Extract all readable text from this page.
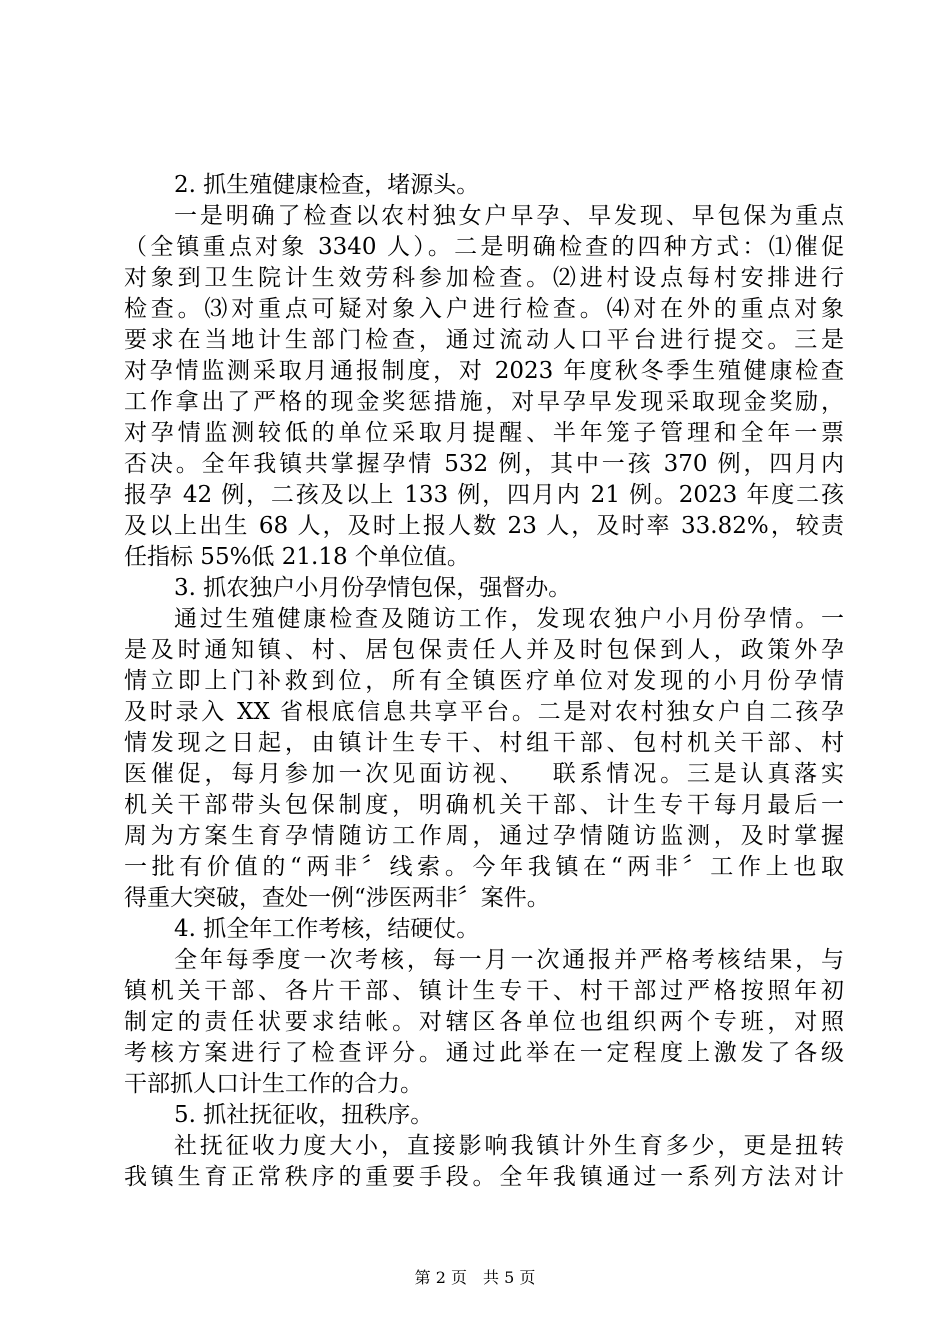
2. 抓生殖健康检查，堵源头。
一是明确了检查以农村独女户早孕、早发现、早包保为重点
（全镇重点对象 3340 人）。二是明确检查的四种方式：⑴催促
对象到卫生院计生效劳科参加检查。⑵进村设点每村安排进行
检查。⑶对重点可疑对象入户进行检查。⑷对在外的重点对象
要求在当地计生部门检查，通过流动人口平台进行提交。三是
对孕情监测采取月通报制度，对 2023 年度秋冬季生殖健康检查
工作拿出了严格的现金奖惩措施，对早孕早发现采取现金奖励，
对孕情监测较低的单位采取月提醒、半年笼子管理和全年一票
否决。全年我镇共掌握孕情 532 例，其中一孩 370 例，四月内
报孕 42 例，二孩及以上 133 例，四月内 21 例。2023 年度二孩
及以上出生 68 人，及时上报人数 23 人，及时率 33.82%，较责
任指标 55%低 21.18 个单位值。
3. 抓农独户小月份孕情包保，强督办。
通过生殖健康检查及随访工作，发现农独户小月份孕情。一
是及时通知镇、村、居包保责任人并及时包保到人，政策外孕
情立即上门补救到位，所有全镇医疗单位对发现的小月份孕情
及时录入 XX 省根底信息共享平台。二是对农村独女户自二孩孕
情发现之日起，由镇计生专干、村组干部、包村机关干部、村
医催促，每月参加一次见面访视、　 联系情况。三是认真落实
机关干部带头包保制度，明确机关干部、计生专干每月最后一
周为方案生育孕情随访工作周，通过孕情随访监测，及时掌握
一批有价值的“两非〞线索。今年我镇在“两非〞工作上也取
得重大突破，查处一例“涉医两非〞案件。
4. 抓全年工作考核，结硬仗。
全年每季度一次考核，每一月一次通报并严格考核结果，与
镇机关干部、各片干部、镇计生专干、村干部过严格按照年初
制定的责任状要求结帐。对辖区各单位也组织两个专班，对照
考核方案进行了检查评分。通过此举在一定程度上激发了各级
干部抓人口计生工作的合力。
5. 抓社抚征收，扭秩序。
社抚征收力度大小，直接影响我镇计外生育多少，更是扭转
我镇生育正常秩序的重要手段。全年我镇通过一系列方法对计
第 2 页　共 5 页
